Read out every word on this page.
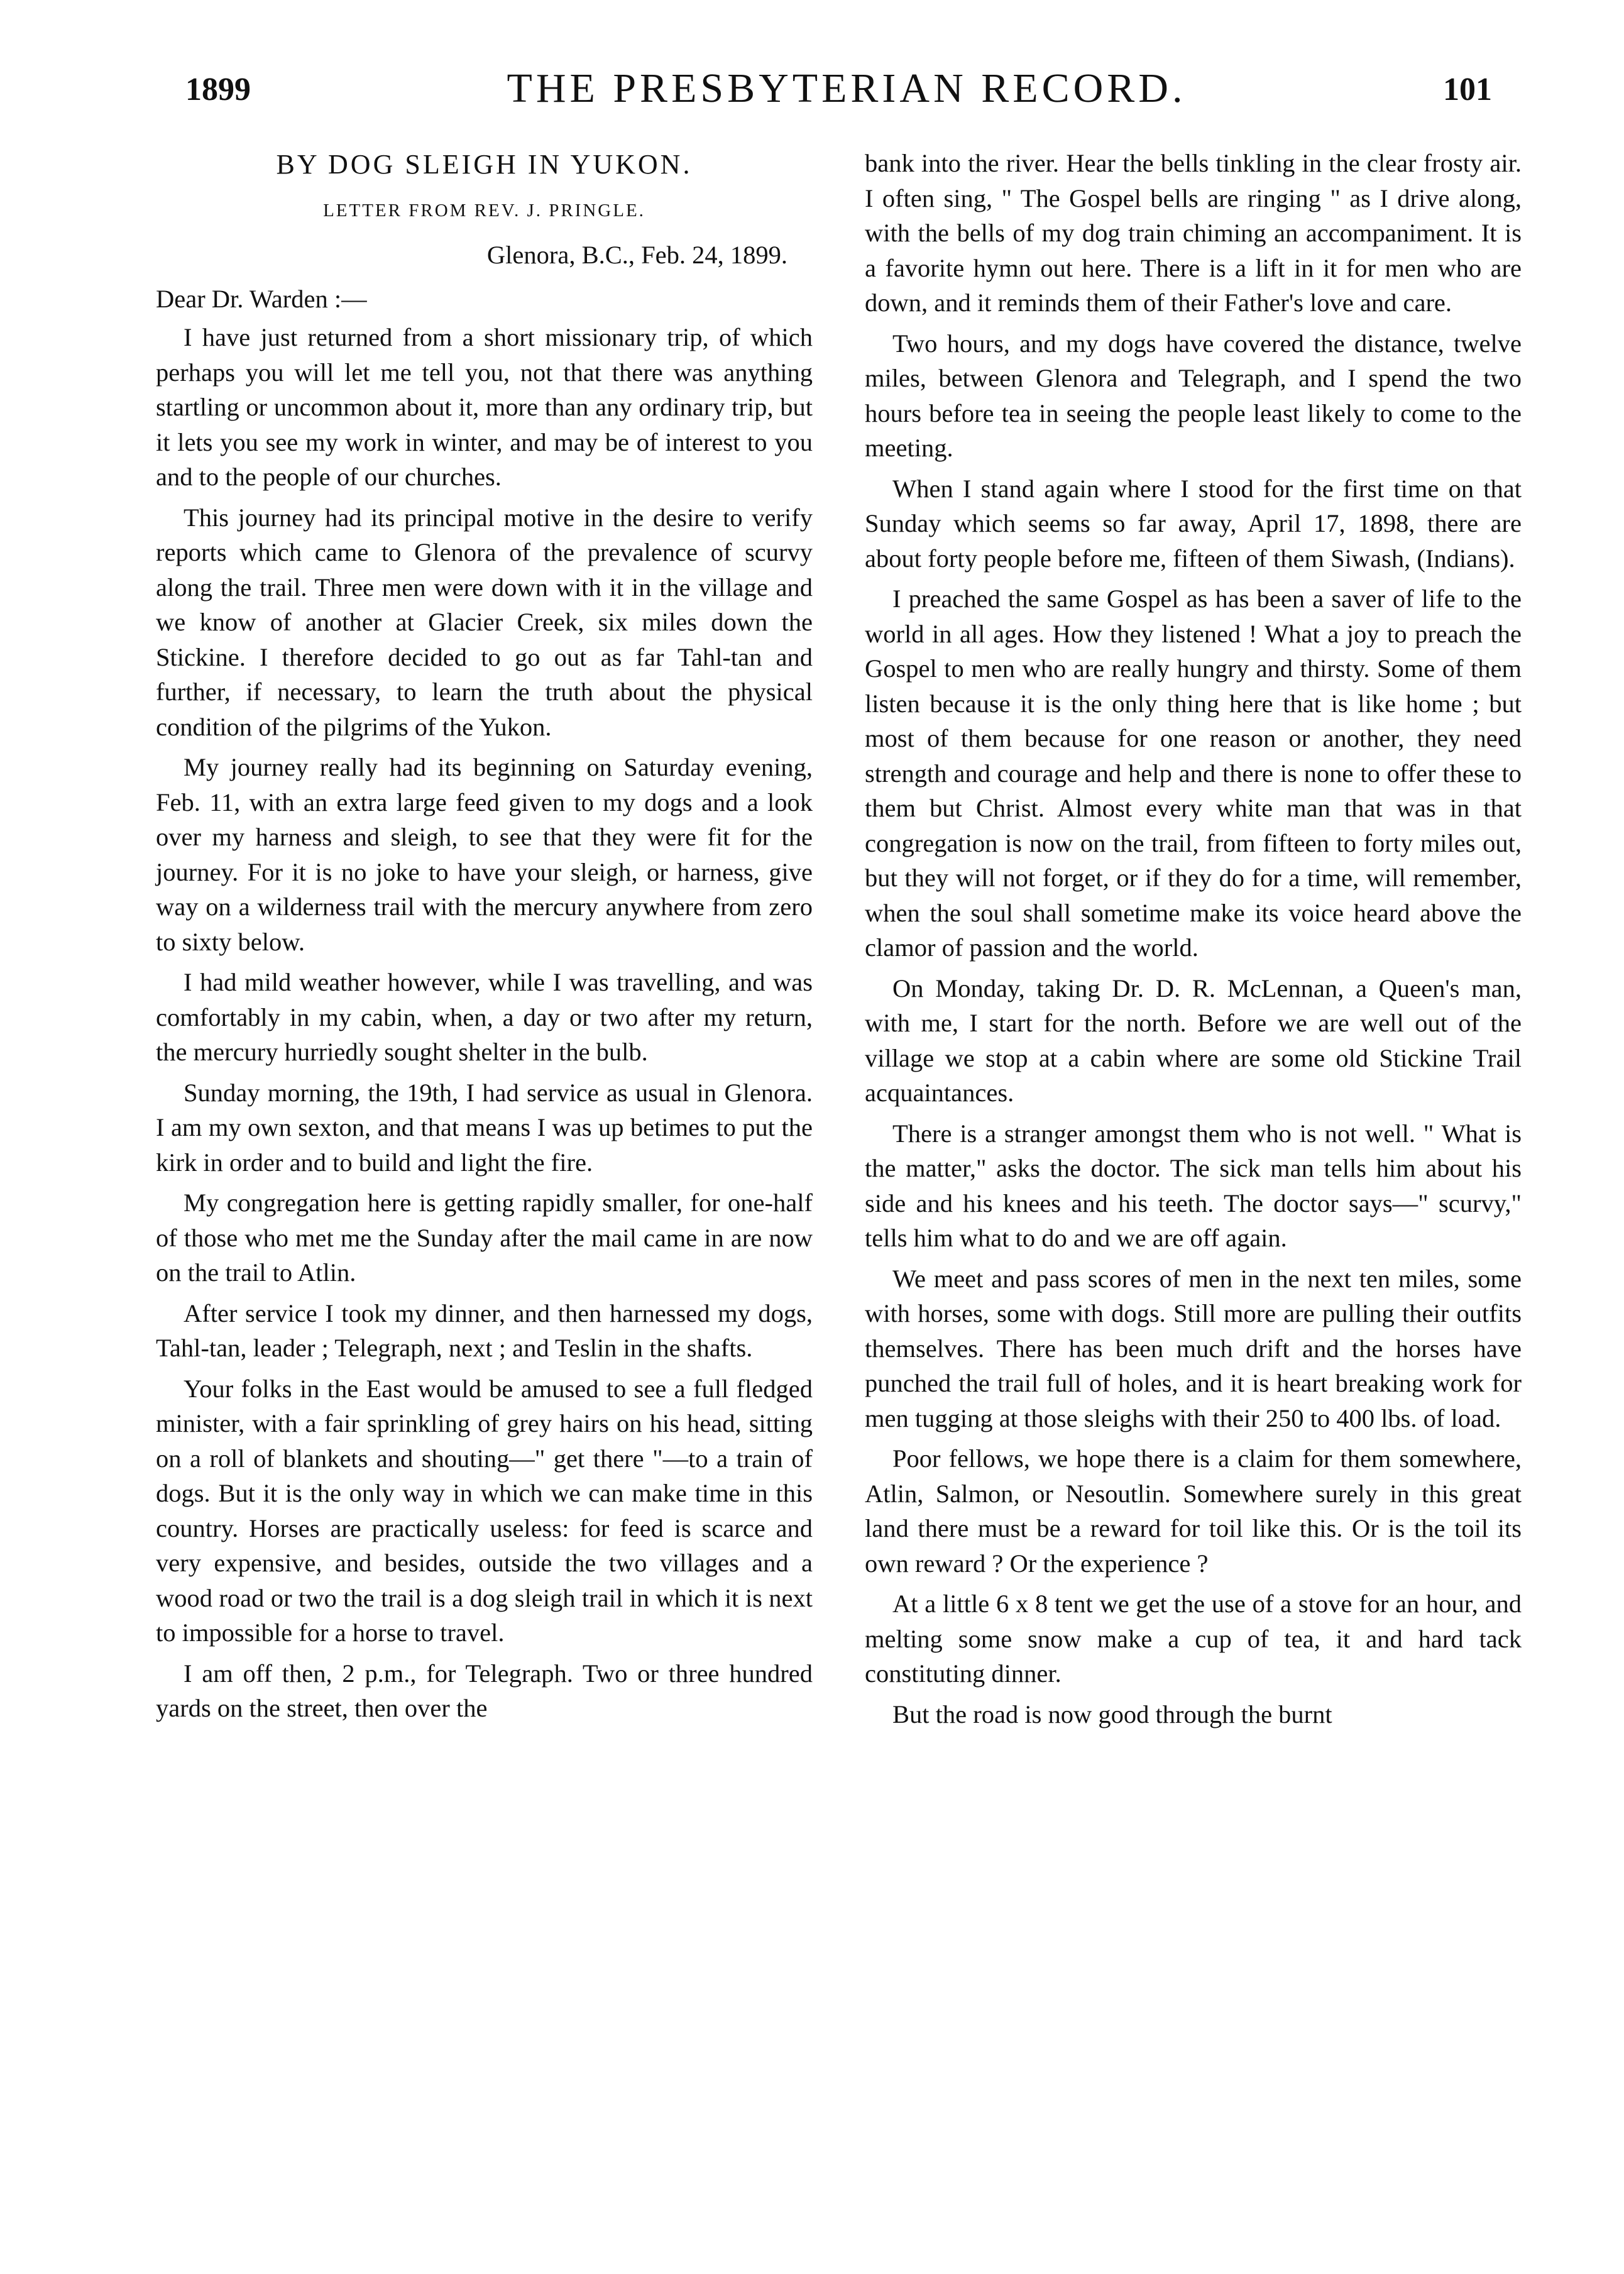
1899	THE PRESBYTERIAN RECORD.	101
BY DOG SLEIGH IN YUKON.
LETTER FROM REV. J. PRINGLE.
Glenora, B.C., Feb. 24, 1899.
Dear Dr. Warden :—

I have just returned from a short missionary trip, of which perhaps you will let me tell you, not that there was anything startling or uncommon about it, more than any ordinary trip, but it lets you see my work in winter, and may be of interest to you and to the people of our churches.

This journey had its principal motive in the desire to verify reports which came to Glenora of the prevalence of scurvy along the trail. Three men were down with it in the village and we know of another at Glacier Creek, six miles down the Stickine. I therefore decided to go out as far Tahl-tan and further, if necessary, to learn the truth about the physical condition of the pilgrims of the Yukon.

My journey really had its beginning on Saturday evening, Feb. 11, with an extra large feed given to my dogs and a look over my harness and sleigh, to see that they were fit for the journey. For it is no joke to have your sleigh, or harness, give way on a wilderness trail with the mercury anywhere from zero to sixty below.

I had mild weather however, while I was travelling, and was comfortably in my cabin, when, a day or two after my return, the mercury hurriedly sought shelter in the bulb.

Sunday morning, the 19th, I had service as usual in Glenora. I am my own sexton, and that means I was up betimes to put the kirk in order and to build and light the fire.

My congregation here is getting rapidly smaller, for one-half of those who met me the Sunday after the mail came in are now on the trail to Atlin.

After service I took my dinner, and then harnessed my dogs, Tahl-tan, leader ; Telegraph, next ; and Teslin in the shafts.

Your folks in the East would be amused to see a full fledged minister, with a fair sprinkling of grey hairs on his head, sitting on a roll of blankets and shouting—" get there "—to a train of dogs. But it is the only way in which we can make time in this country. Horses are practically useless: for feed is scarce and very expensive, and besides, outside the two villages and a wood road or two the trail is a dog sleigh trail in which it is next to impossible for a horse to travel.

I am off then, 2 p.m., for Telegraph. Two or three hundred yards on the street, then over the

bank into the river. Hear the bells tinkling in the clear frosty air. I often sing, " The Gospel bells are ringing " as I drive along, with the bells of my dog train chiming an accompaniment. It is a favorite hymn out here. There is a lift in it for men who are down, and it reminds them of their Father's love and care.

Two hours, and my dogs have covered the distance, twelve miles, between Glenora and Telegraph, and I spend the two hours before tea in seeing the people least likely to come to the meeting.

When I stand again where I stood for the first time on that Sunday which seems so far away, April 17, 1898, there are about forty people before me, fifteen of them Siwash, (Indians).

I preached the same Gospel as has been a saver of life to the world in all ages. How they listened ! What a joy to preach the Gospel to men who are really hungry and thirsty. Some of them listen because it is the only thing here that is like home ; but most of them because for one reason or another, they need strength and courage and help and there is none to offer these to them but Christ. Almost every white man that was in that congregation is now on the trail, from fifteen to forty miles out, but they will not forget, or if they do for a time, will remember, when the soul shall sometime make its voice heard above the clamor of passion and the world.

On Monday, taking Dr. D. R. McLennan, a Queen's man, with me, I start for the north. Before we are well out of the village we stop at a cabin where are some old Stickine Trail acquaintances.

There is a stranger amongst them who is not well. " What is the matter," asks the doctor. The sick man tells him about his side and his knees and his teeth. The doctor says—" scurvy," tells him what to do and we are off again.

We meet and pass scores of men in the next ten miles, some with horses, some with dogs. Still more are pulling their outfits themselves. There has been much drift and the horses have punched the trail full of holes, and it is heart breaking work for men tugging at those sleighs with their 250 to 400 lbs. of load.

Poor fellows, we hope there is a claim for them somewhere, Atlin, Salmon, or Nesoutlin. Somewhere surely in this great land there must be a reward for toil like this. Or is the toil its own reward ? Or the experience ?

At a little 6 x 8 tent we get the use of a stove for an hour, and melting some snow make a cup of tea, it and hard tack constituting dinner.

But the road is now good through the burnt
